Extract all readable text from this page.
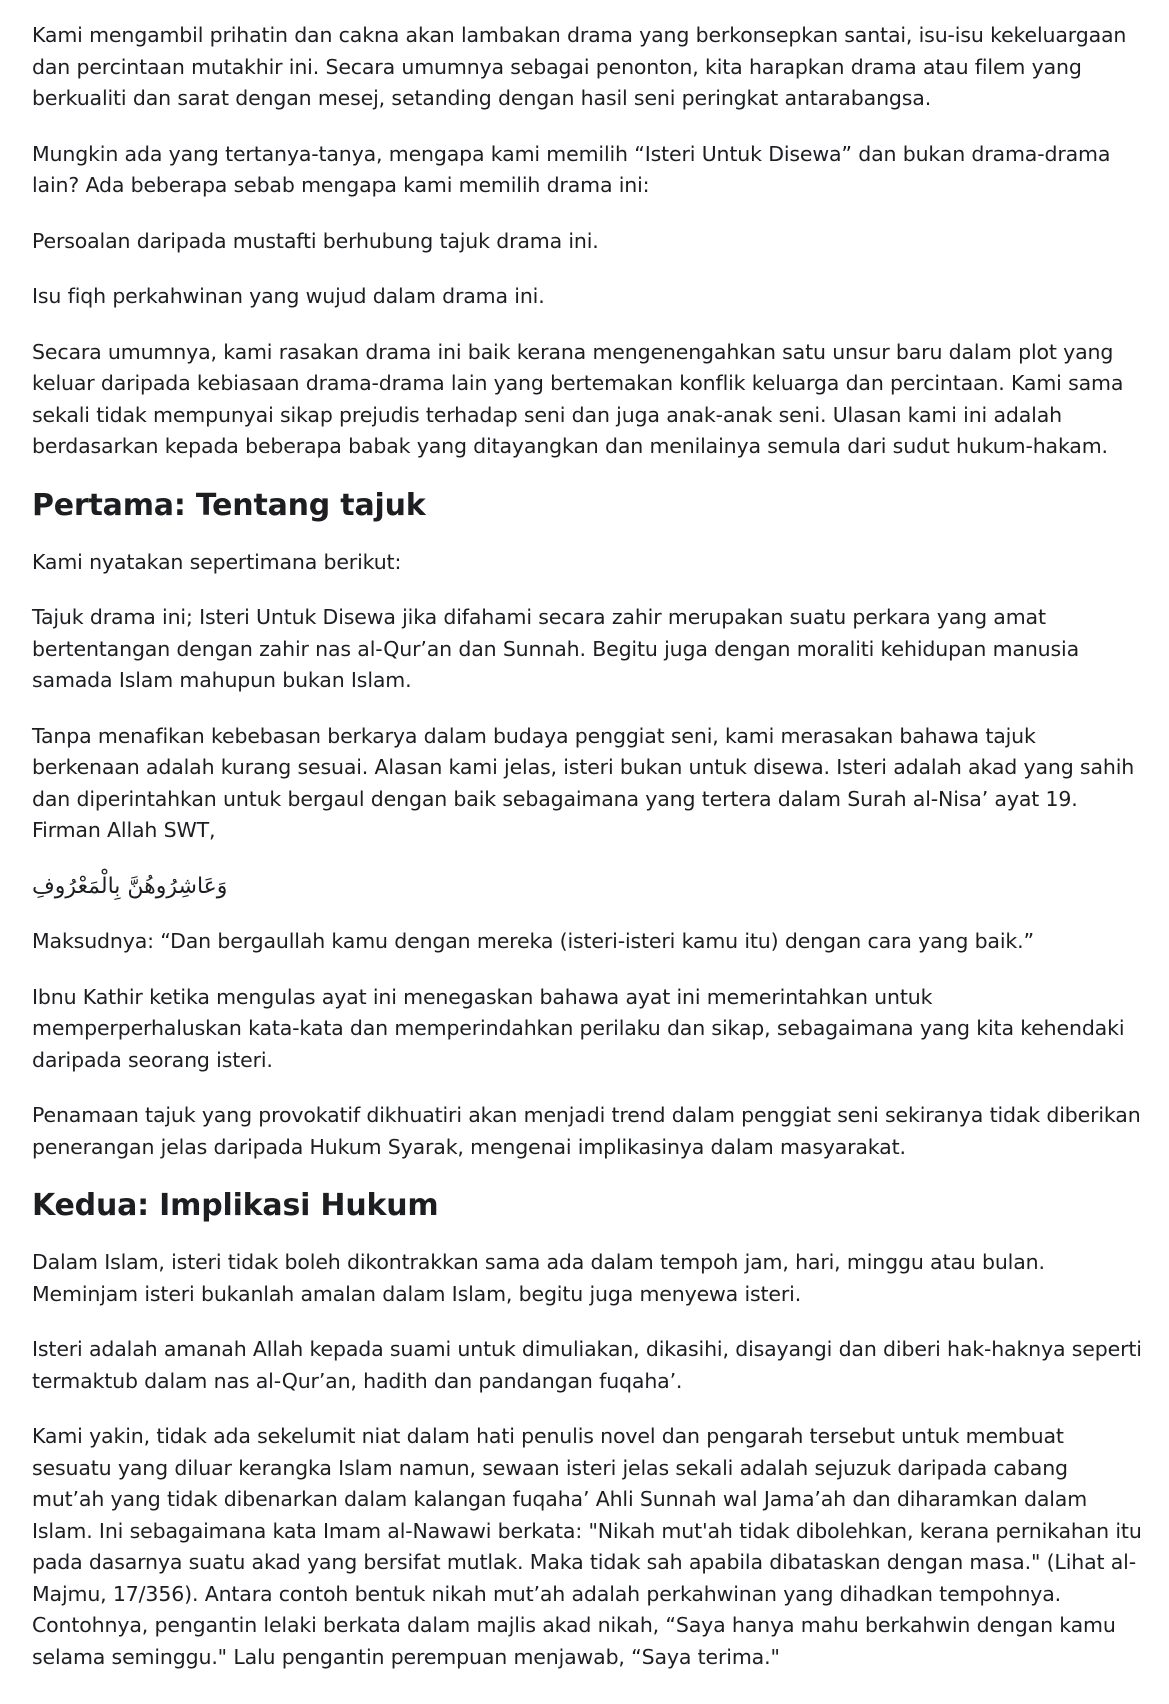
Kami mengambil prihatin dan cakna akan lambakan drama yang berkonsepkan santai, isu-isu kekeluargaan dan percintaan mutakhir ini. Secara umumnya sebagai penonton, kita harapkan drama atau filem yang berkualiti dan sarat dengan mesej, setanding dengan hasil seni peringkat antarabangsa.

Mungkin ada yang tertanya-tanya, mengapa kami memilih “Isteri Untuk Disewa” dan bukan drama-drama lain? Ada beberapa sebab mengapa kami memilih drama ini:

Persoalan daripada mustafti berhubung tajuk drama ini.

Isu fiqh perkahwinan yang wujud dalam drama ini.

Secara umumnya, kami rasakan drama ini baik kerana mengenengahkan satu unsur baru dalam plot yang keluar daripada kebiasaan drama-drama lain yang bertemakan konflik keluarga dan percintaan. Kami sama sekali tidak mempunyai sikap prejudis terhadap seni dan juga anak-anak seni. Ulasan kami ini adalah berdasarkan kepada beberapa babak yang ditayangkan dan menilainya semula dari sudut hukum-hakam.

Pertama: Tentang tajuk

Kami nyatakan sepertimana berikut:

Tajuk drama ini; Isteri Untuk Disewa jika difahami secara zahir merupakan suatu perkara yang amat bertentangan dengan zahir nas al-Qur’an dan Sunnah. Begitu juga dengan moraliti kehidupan manusia samada Islam mahupun bukan Islam.

Tanpa menafikan kebebasan berkarya dalam budaya penggiat seni, kami merasakan bahawa tajuk berkenaan adalah kurang sesuai. Alasan kami jelas, isteri bukan untuk disewa. Isteri adalah akad yang sahih dan diperintahkan untuk bergaul dengan baik sebagaimana yang tertera dalam Surah al-Nisa’ ayat 19. Firman Allah SWT,

وَعَاشِرُوهُنَّ بِالْمَعْرُوفِ

Maksudnya: “Dan bergaullah kamu dengan mereka (isteri-isteri kamu itu) dengan cara yang baik.”

Ibnu Kathir ketika mengulas ayat ini menegaskan bahawa ayat ini memerintahkan untuk memperperhaluskan kata-kata dan memperindahkan perilaku dan sikap, sebagaimana yang kita kehendaki daripada seorang isteri.

Penamaan tajuk yang provokatif dikhuatiri akan menjadi trend dalam penggiat seni sekiranya tidak diberikan penerangan jelas daripada Hukum Syarak, mengenai implikasinya dalam masyarakat.

Kedua: Implikasi Hukum

Dalam Islam, isteri tidak boleh dikontrakkan sama ada dalam tempoh jam, hari, minggu atau bulan. Meminjam isteri bukanlah amalan dalam Islam, begitu juga menyewa isteri.

Isteri adalah amanah Allah kepada suami untuk dimuliakan, dikasihi, disayangi dan diberi hak-haknya seperti termaktub dalam nas al-Qur’an, hadith dan pandangan fuqaha’.

Kami yakin, tidak ada sekelumit niat dalam hati penulis novel dan pengarah tersebut untuk membuat sesuatu yang diluar kerangka Islam namun, sewaan isteri jelas sekali adalah sejuzuk daripada cabang mut’ah yang tidak dibenarkan dalam kalangan fuqaha’ Ahli Sunnah wal Jama’ah dan diharamkan dalam Islam. Ini sebagaimana kata Imam al-Nawawi berkata: "Nikah mut'ah tidak dibolehkan, kerana pernikahan itu pada dasarnya suatu akad yang bersifat mutlak. Maka tidak sah apabila dibataskan dengan masa." (Lihat al-Majmu, 17/356). Antara contoh bentuk nikah mut’ah adalah perkahwinan yang dihadkan tempohnya. Contohnya, pengantin lelaki berkata dalam majlis akad nikah, “Saya hanya mahu berkahwin dengan kamu selama seminggu." Lalu pengantin perempuan menjawab, “Saya terima."
